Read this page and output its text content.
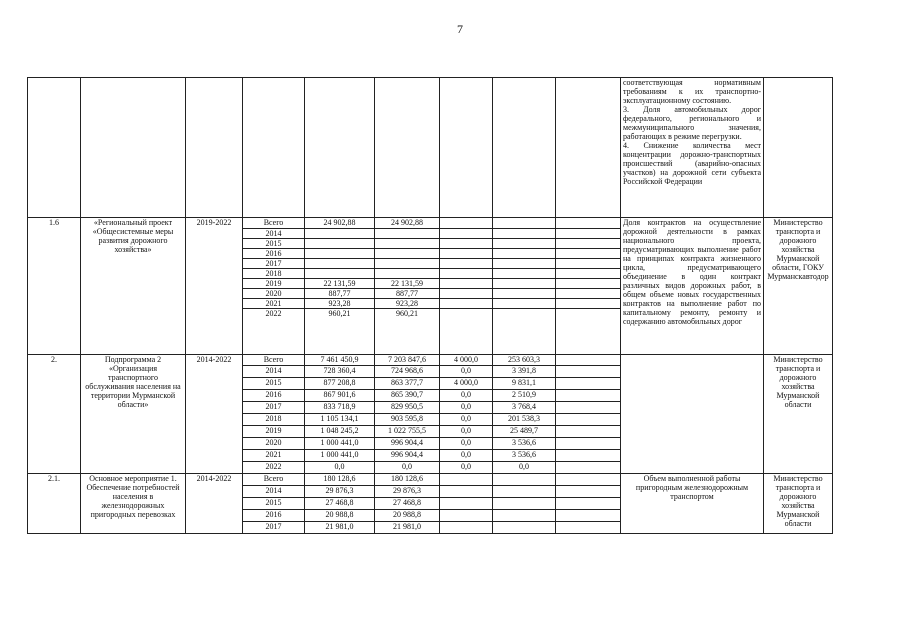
7

									соответствующая нормативным требованиям к их транспортно-эксплуатационному состоянию.
3. Доля автомобильных дорог федерального, регионального и межмуниципального значения, работающих в режиме перегрузки.
4. Снижение количества мест концентрации дорожно-транспортных происшествий (аварийно-опасных участков) на дорожной сети субъекта Российской Федерации	

1.6	«Региональный проект «Общесистемные меры развития дорожного хозяйства»	2019-2022	Всего	24 902,88	24 902,88				Доля контрактов на осуществление дорожной деятельности в рамках национального проекта, предусматривающих выполнение работ на принципах контракта жизненного цикла, предусматривающего объединение в один контракт различных видов дорожных работ, в общем объеме новых государственных контрактов на выполнение работ по капитальному ремонту, ремонту и содержанию автомобильных дорог	Министерство транспорта и дорожного хозяйства Мурманской области, ГОКУ Мурманскавтодор
			2014							
			2015							
			2016							
			2017							
			2018							
			2019	22 131,59	22 131,59					
			2020	887,77	887,77					
			2021	923,28	923,28					
			2022	960,21	960,21					
2.	Подпрограмма 2 «Организация транспортного обслуживания населения на территории Мурманской области»	2014-2022	Всего	7 461 450,9	7 203 847,6	4 000,0	253 603,3			Министерство транспорта и дорожного хозяйства Мурманской области
			2014	728 360,4	724 968,6	0,0	3 391,8			
			2015	877 208,8	863 377,7	4 000,0	9 831,1			
			2016	867 901,6	865 390,7	0,0	2 510,9			
			2017	833 718,9	829 950,5	0,0	3 768,4			
			2018	1 105 134,1	903 595,8	0,0	201 538,3			
			2019	1 048 245,2	1 022 755,5	0,0	25 489,7			
			2020	1 000 441,0	996 904,4	0,0	3 536,6			
			2021	1 000 441,0	996 904,4	0,0	3 536,6			
			2022	0,0	0,0	0,0	0,0			
2.1.	Основное мероприятие 1. Обеспечение потребностей населения в железнодорожных пригородных перевозках	2014-2022	Всего	180 128,6	180 128,6				Объем выполненной работы пригородным железнодорожным транспортом	Министерство транспорта и дорожного хозяйства Мурманской области
			2014	29 876,3	29 876,3					
			2015	27 468,8	27 468,8					
			2016	20 988,8	20 988,8					
			2017	21 981,0	21 981,0					
